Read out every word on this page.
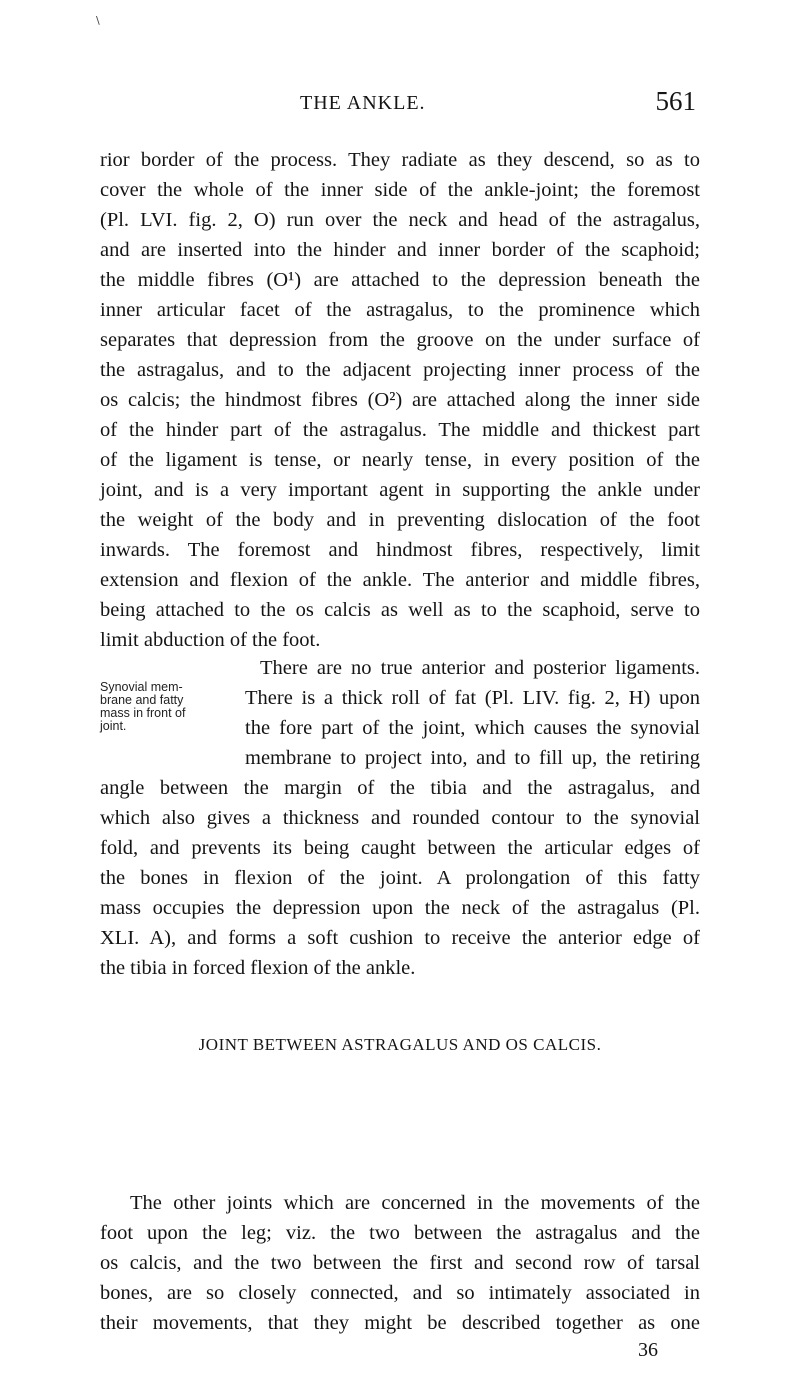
\
THE ANKLE.	561
rior border of the process. They radiate as they descend, so as to
cover the whole of the inner side of the ankle-joint; the foremost
(Pl. LVI. fig. 2, O) run over the neck and head of the astragalus,
and are inserted into the hinder and inner border of the scaphoid;
the middle fibres (O¹) are attached to the depression beneath the
inner articular facet of the astragalus, to the prominence which
separates that depression from the groove on the under surface of
the astragalus, and to the adjacent projecting inner process of the
os calcis; the hindmost fibres (O²) are attached along the inner side
of the hinder part of the astragalus. The middle and thickest part
of the ligament is tense, or nearly tense, in every position of the
joint, and is a very important agent in supporting the ankle under
the weight of the body and in preventing dislocation of the foot
inwards. The foremost and hindmost fibres, respectively, limit
extension and flexion of the ankle. The anterior and middle fibres,
being attached to the os calcis as well as to the scaphoid, serve to
limit abduction of the foot.
There are no true anterior and posterior ligaments.
Synovial mem-brane and fatty mass in front of joint.
There is a thick roll of fat (Pl. LIV. fig. 2, H) upon
the fore part of the joint, which causes the synovial
membrane to project into, and to fill up, the retiring
angle between the margin of the tibia and the astragalus, and
which also gives a thickness and rounded contour to the synovial
fold, and prevents its being caught between the articular edges of
the bones in flexion of the joint. A prolongation of this fatty
mass occupies the depression upon the neck of the astragalus (Pl.
XLI. A), and forms a soft cushion to receive the anterior edge of
the tibia in forced flexion of the ankle.
JOINT BETWEEN ASTRAGALUS AND OS CALCIS.
The other joints which are concerned in the movements of the
foot upon the leg; viz. the two between the astragalus and the
os calcis, and the two between the first and second row of tarsal
bones, are so closely connected, and so intimately associated in
their movements, that they might be described together as one
36
